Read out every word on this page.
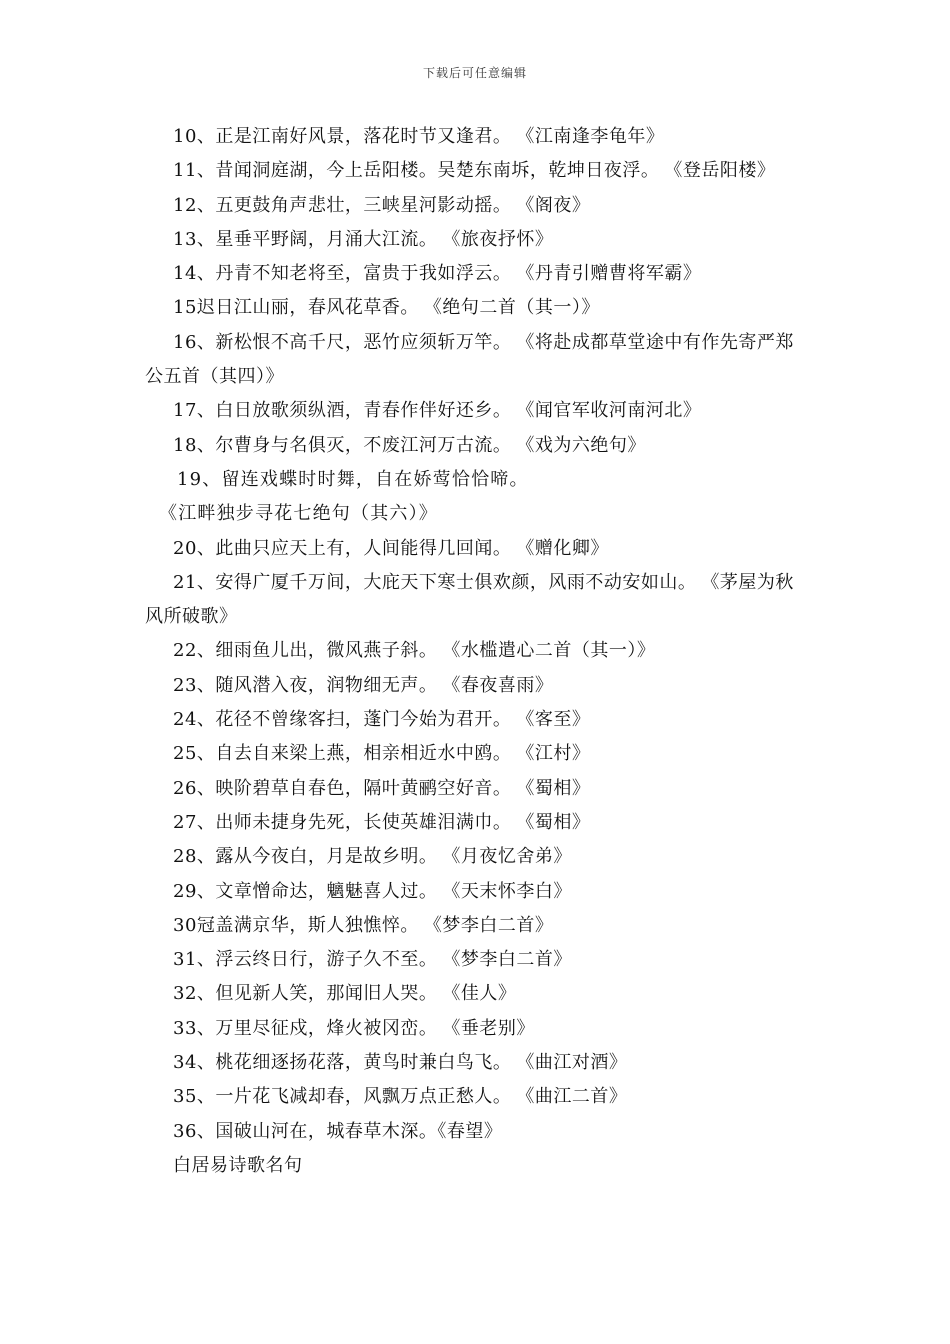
下载后可任意编辑

10、正是江南好风景，落花时节又逢君。 《江南逢李龟年》

11、昔闻洞庭湖，今上岳阳楼。吴楚东南坼，乾坤日夜浮。 《登岳阳楼》

12、五更鼓角声悲壮，三峡星河影动摇。 《阁夜》

13、星垂平野阔，月涌大江流。 《旅夜抒怀》

14、丹青不知老将至，富贵于我如浮云。 《丹青引赠曹将军霸》

15迟日江山丽，春风花草香。 《绝句二首（其一）》

16、新松恨不高千尺，恶竹应须斩万竿。 《将赴成都草堂途中有作先寄严郑公五首（其四）》

17、白日放歌须纵酒，青春作伴好还乡。 《闻官军收河南河北》

18、尔曹身与名俱灭，不废江河万古流。 《戏为六绝句》

19、留连戏蝶时时舞，自在娇莺恰恰啼。《江畔独步寻花七绝句（其六）》

20、此曲只应天上有，人间能得几回闻。 《赠化卿》

21、安得广厦千万间，大庇天下寒士俱欢颜，风雨不动安如山。 《茅屋为秋风所破歌》

22、细雨鱼儿出，微风燕子斜。 《水槛遣心二首（其一）》

23、随风潜入夜，润物细无声。 《春夜喜雨》

24、花径不曾缘客扫，蓬门今始为君开。 《客至》

25、自去自来梁上燕，相亲相近水中鸥。 《江村》

26、映阶碧草自春色，隔叶黄鹂空好音。 《蜀相》

27、出师未捷身先死，长使英雄泪满巾。 《蜀相》

28、露从今夜白，月是故乡明。 《月夜忆舍弟》

29、文章憎命达，魑魅喜人过。 《天末怀李白》

30冠盖满京华，斯人独憔悴。 《梦李白二首》

31、浮云终日行，游子久不至。 《梦李白二首》

32、但见新人笑，那闻旧人哭。 《佳人》

33、万里尽征戍，烽火被冈峦。 《垂老别》

34、桃花细逐扬花落，黄鸟时兼白鸟飞。 《曲江对酒》

35、一片花飞减却春，风飘万点正愁人。 《曲江二首》

36、国破山河在，城春草木深。《春望》

白居易诗歌名句
